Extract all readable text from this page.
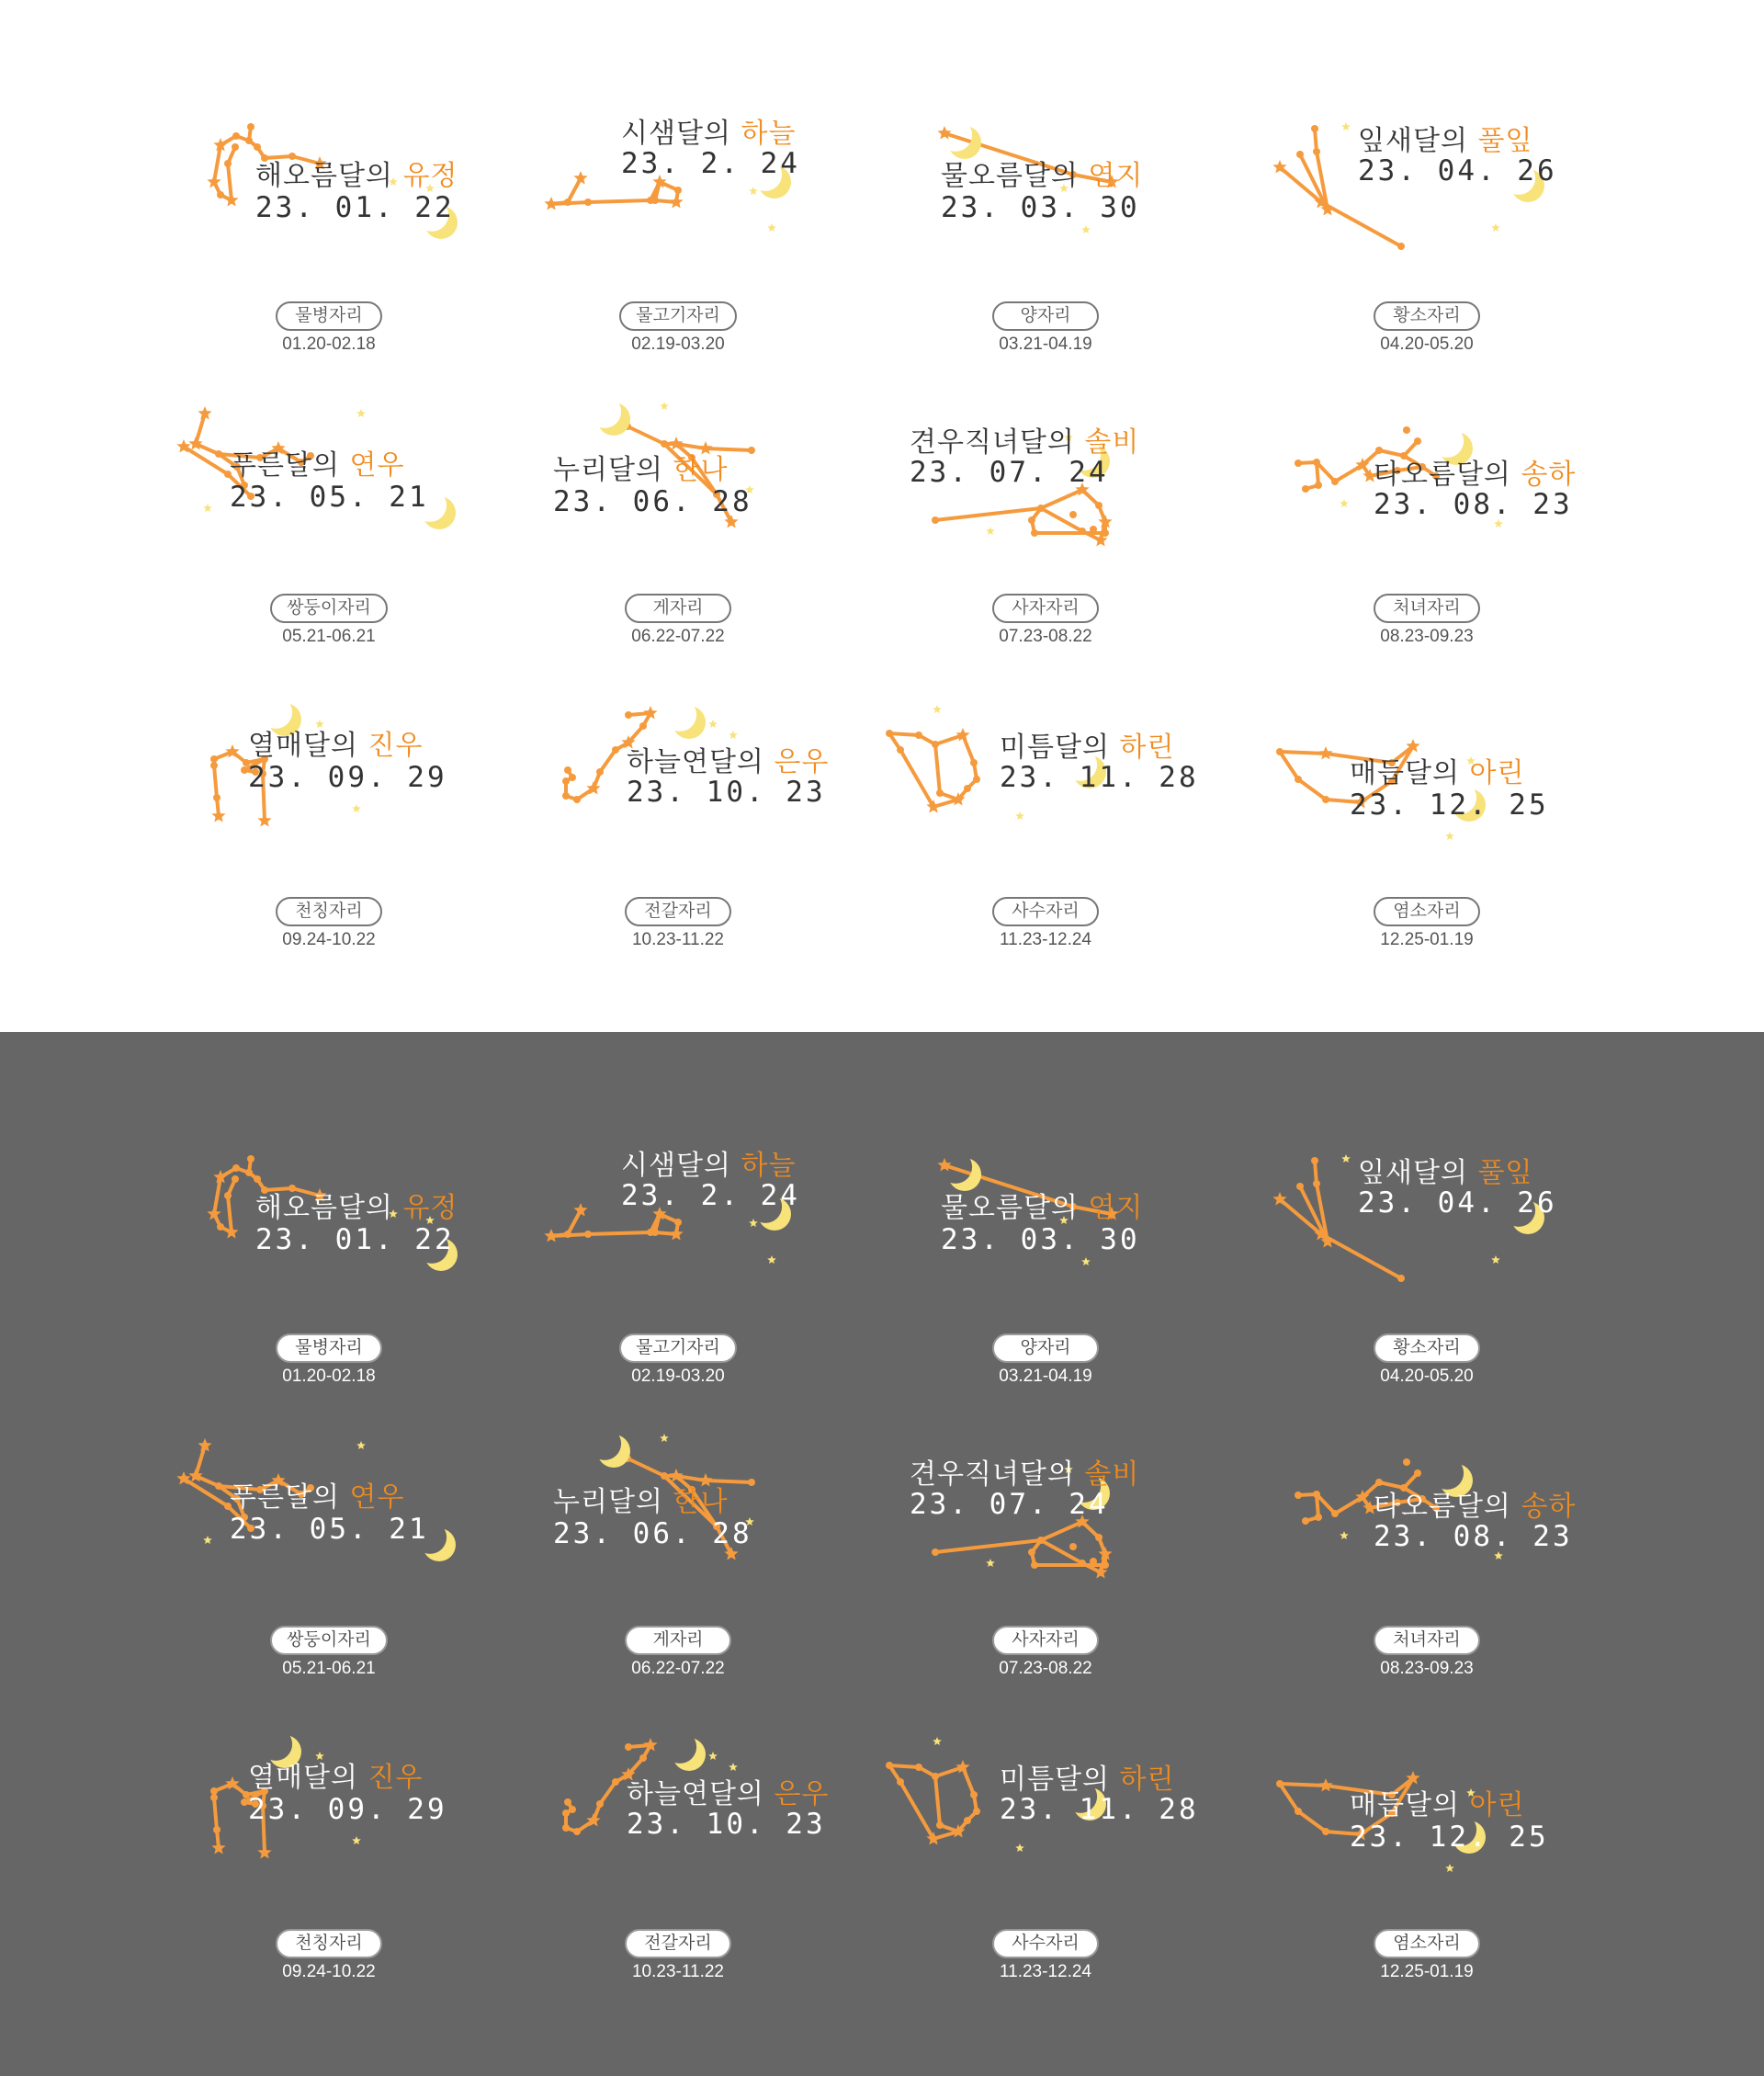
해오름달의 유정
23. 01. 22
물병자리
01.20-02.18
시샘달의 하늘
23. 2. 24
물고기자리
02.19-03.20
물오름달의 연지
23. 03. 30
양자리
03.21-04.19
잎새달의 풀잎
23. 04. 26
황소자리
04.20-05.20
푸른달의 연우
23. 05. 21
쌍둥이자리
05.21-06.21
누리달의 한나
23. 06. 28
게자리
06.22-07.22
견우직녀달의 솔비
23. 07. 24
사자자리
07.23-08.22
타오름달의 송하
23. 08. 23
처녀자리
08.23-09.23
열매달의 진우
23. 09. 29
천칭자리
09.24-10.22
하늘연달의 은우
23. 10. 23
전갈자리
10.23-11.22
미틈달의 하린
23. 11. 28
사수자리
11.23-12.24
매듭달의 아린
23. 12. 25
염소자리
12.25-01.19
해오름달의 유정
23. 01. 22
물병자리
01.20-02.18
시샘달의 하늘
23. 2. 24
물고기자리
02.19-03.20
물오름달의 연지
23. 03. 30
양자리
03.21-04.19
잎새달의 풀잎
23. 04. 26
황소자리
04.20-05.20
푸른달의 연우
23. 05. 21
쌍둥이자리
05.21-06.21
누리달의 한나
23. 06. 28
게자리
06.22-07.22
견우직녀달의 솔비
23. 07. 24
사자자리
07.23-08.22
타오름달의 송하
23. 08. 23
처녀자리
08.23-09.23
열매달의 진우
23. 09. 29
천칭자리
09.24-10.22
하늘연달의 은우
23. 10. 23
전갈자리
10.23-11.22
미틈달의 하린
23. 11. 28
사수자리
11.23-12.24
매듭달의 아린
23. 12. 25
염소자리
12.25-01.19
